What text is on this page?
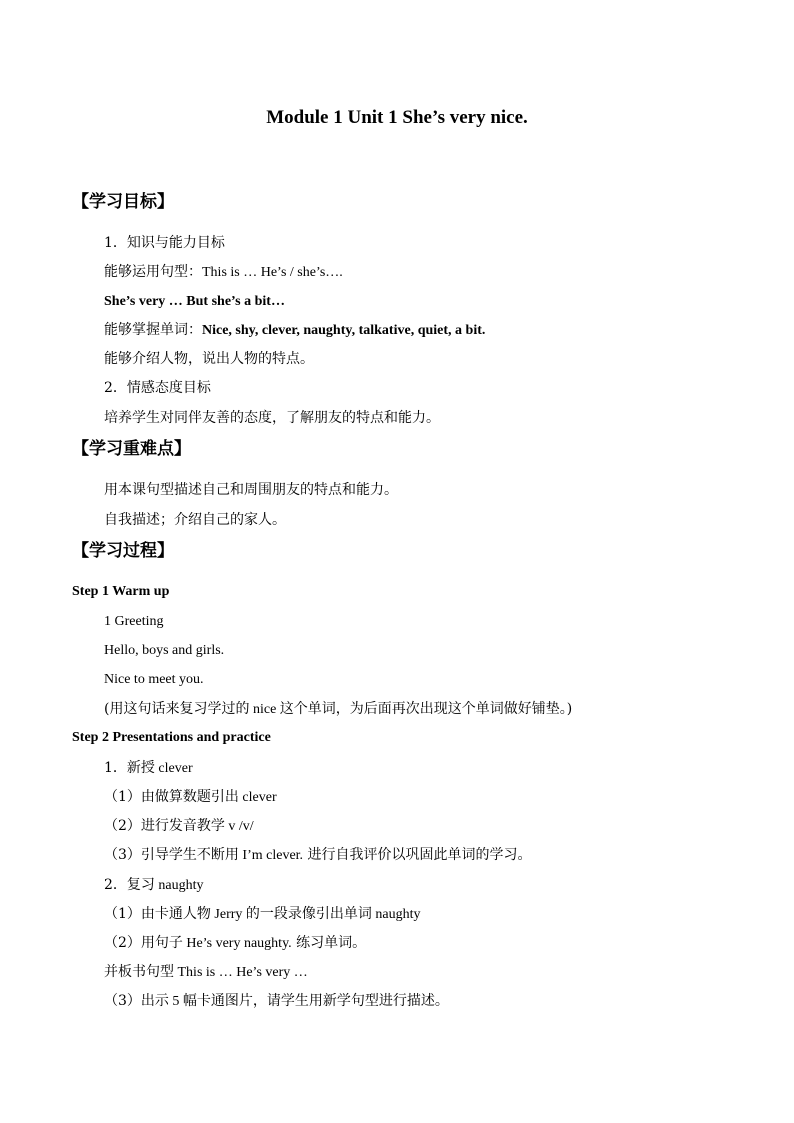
Module 1 Unit 1 She’s very nice.
【学习目标】
1．知识与能力目标
能够运用句型：This is … He’s / she’s….
She’s very … But she’s a bit…
能够掌握单词：Nice, shy, clever, naughty, talkative, quiet, a bit.
能够介绍人物，说出人物的特点。
2．情感态度目标
培养学生对同伴友善的态度，了解朋友的特点和能力。
【学习重难点】
用本课句型描述自己和周围朋友的特点和能力。
自我描述；介绍自己的家人。
【学习过程】
Step 1 Warm up
1 Greeting
Hello, boys and girls.
Nice to meet you.
(用这句话来复习学过的 nice 这个单词，为后面再次出现这个单词做好铺垫。)
Step 2 Presentations and practice
1．新授 clever
（1）由做算数题引出 clever
（2）进行发音教学 v /v/
（3）引导学生不断用 I’m clever. 进行自我评价以巩固此单词的学习。
2．复习 naughty
（1）由卡通人物 Jerry 的一段录像引出单词 naughty
（2）用句子 He’s very naughty. 练习单词。
并板书句型 This is … He’s very …
（3）出示 5 幅卡通图片，请学生用新学句型进行描述。
